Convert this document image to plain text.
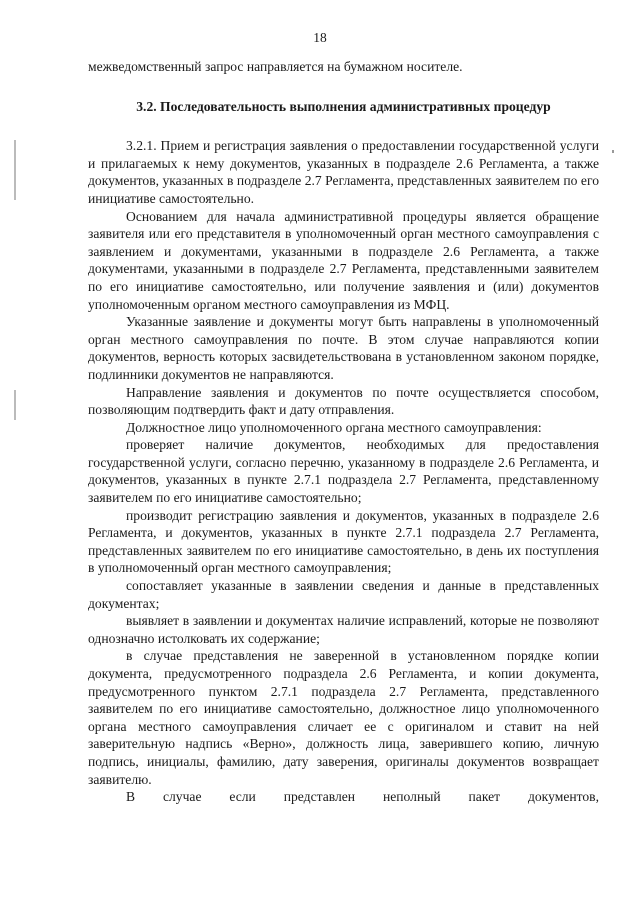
18

межведомственный запрос направляется на бумажном носителе.

3.2. Последовательность выполнения административных процедур

3.2.1. Прием и регистрация заявления о предоставлении государственной услуги и прилагаемых к нему документов, указанных в подразделе 2.6 Регламента, а также документов, указанных в подразделе 2.7 Регламента, представленных заявителем по его инициативе самостоятельно.

Основанием для начала административной процедуры является обращение заявителя или его представителя в уполномоченный орган местного самоуправления с заявлением и документами, указанными в подразделе 2.6 Регламента, а также документами, указанными в подразделе 2.7 Регламента, представленными заявителем по его инициативе самостоятельно, или получение заявления и (или) документов уполномоченным органом местного самоуправления из МФЦ.

Указанные заявление и документы могут быть направлены в уполномоченный орган местного самоуправления по почте. В этом случае направляются копии документов, верность которых засвидетельствована в установленном законом порядке, подлинники документов не направляются.

Направление заявления и документов по почте осуществляется способом, позволяющим подтвердить факт и дату отправления.

Должностное лицо уполномоченного органа местного самоуправления:

проверяет наличие документов, необходимых для предоставления государственной услуги, согласно перечню, указанному в подразделе 2.6 Регламента, и документов, указанных в пункте 2.7.1 подраздела 2.7 Регламента, представленному заявителем по его инициативе самостоятельно;

производит регистрацию заявления и документов, указанных в подразделе 2.6 Регламента, и документов, указанных в пункте 2.7.1 подраздела 2.7 Регламента, представленных заявителем по его инициативе самостоятельно, в день их поступления в уполномоченный орган местного самоуправления;

сопоставляет указанные в заявлении сведения и данные в представленных документах;

выявляет в заявлении и документах наличие исправлений, которые не позволяют однозначно истолковать их содержание;

в случае представления не заверенной в установленном порядке копии документа, предусмотренного подраздела 2.6 Регламента, и копии документа, предусмотренного пунктом 2.7.1 подраздела 2.7 Регламента, представленного заявителем по его инициативе самостоятельно, должностное лицо уполномоченного органа местного самоуправления сличает ее с оригиналом и ставит на ней заверительную надпись «Верно», должность лица, заверившего копию, личную подпись, инициалы, фамилию, дату заверения, оригиналы документов возвращает заявителю.

В случае если представлен неполный пакет документов,
